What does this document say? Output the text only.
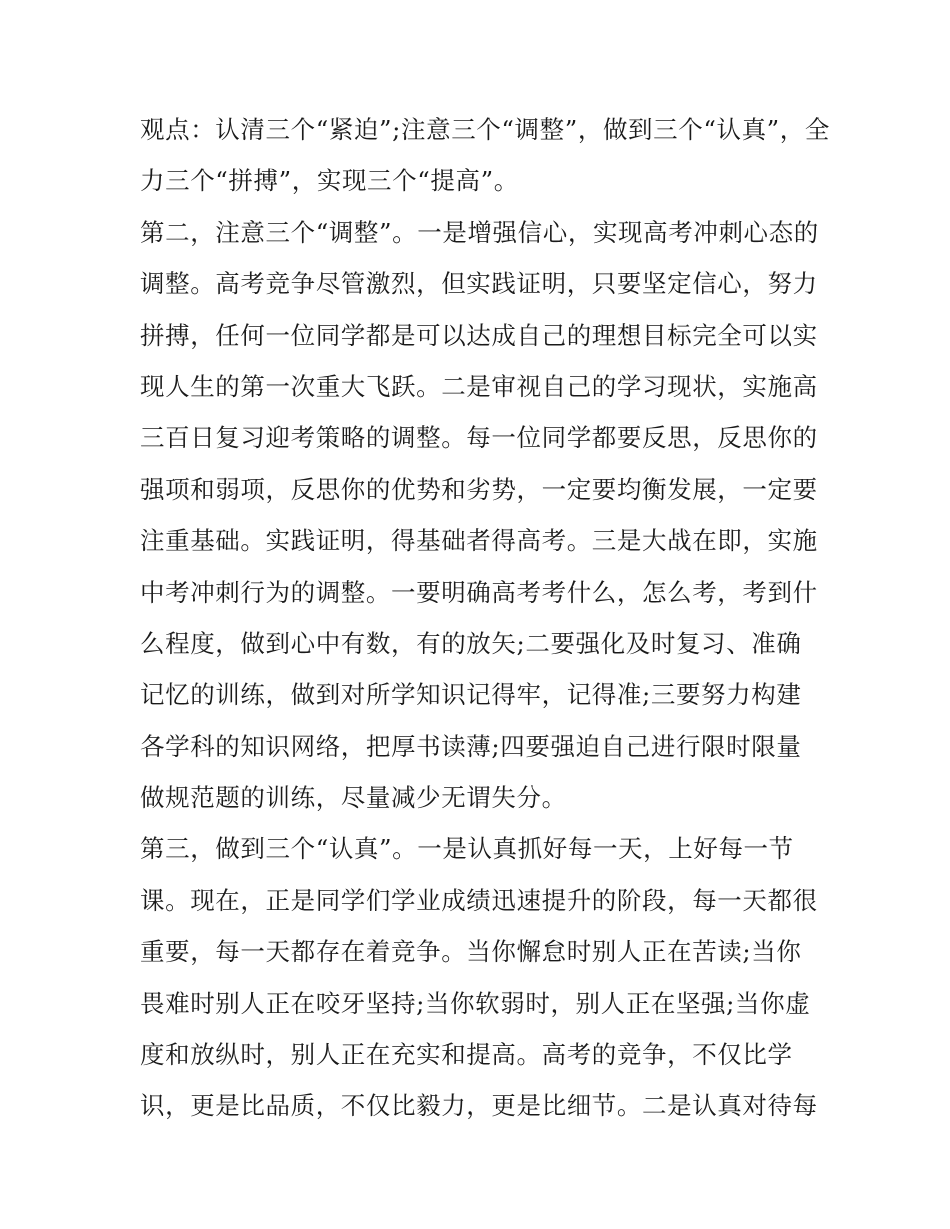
观点：认清三个“紧迫”;注意三个“调整”，做到三个“认真”，全
力三个“拼搏”，实现三个“提高”。
第二，注意三个“调整”。一是增强信心，实现高考冲刺心态的
调整。高考竞争尽管激烈，但实践证明，只要坚定信心，努力
拼搏，任何一位同学都是可以达成自己的理想目标完全可以实
现人生的第一次重大飞跃。二是审视自己的学习现状，实施高
三百日复习迎考策略的调整。每一位同学都要反思，反思你的
强项和弱项，反思你的优势和劣势，一定要均衡发展，一定要
注重基础。实践证明，得基础者得高考。三是大战在即，实施
中考冲刺行为的调整。一要明确高考考什么，怎么考，考到什
么程度，做到心中有数，有的放矢;二要强化及时复习、准确
记忆的训练，做到对所学知识记得牢，记得准;三要努力构建
各学科的知识网络，把厚书读薄;四要强迫自己进行限时限量
做规范题的训练，尽量减少无谓失分。
第三，做到三个“认真”。一是认真抓好每一天，上好每一节
课。现在，正是同学们学业成绩迅速提升的阶段，每一天都很
重要，每一天都存在着竞争。当你懈怠时别人正在苦读;当你
畏难时别人正在咬牙坚持;当你软弱时，别人正在坚强;当你虚
度和放纵时，别人正在充实和提高。高考的竞争，不仅比学
识，更是比品质，不仅比毅力，更是比细节。二是认真对待每
